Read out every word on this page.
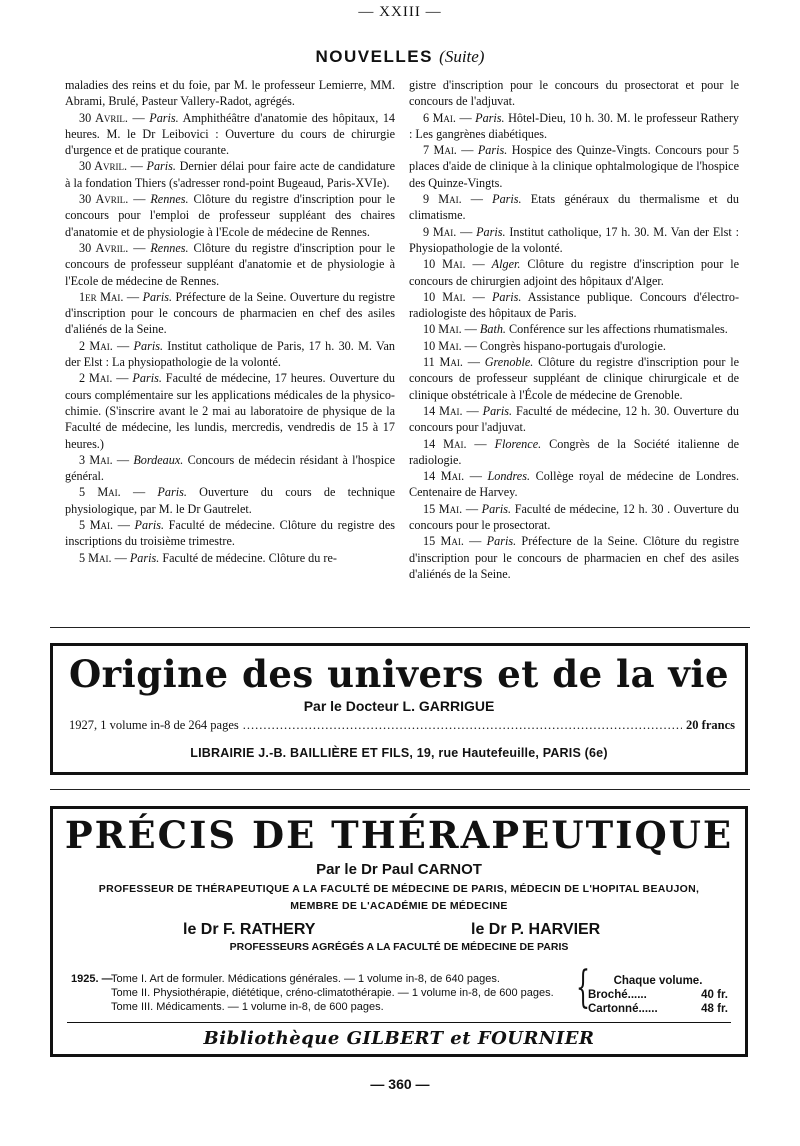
— XXIII —
NOUVELLES (Suite)

maladies des reins et du foie, par M. le professeur Lemierre, MM. Abrami, Brulé, Pasteur Vallery-Radot, agrégés.

30 Avril. — Paris. Amphithéâtre d'anatomie des hôpitaux, 14 heures. M. le Dr Leibovici : Ouverture du cours de chirurgie d'urgence et de pratique courante.

30 Avril. — Paris. Dernier délai pour faire acte de candidature à la fondation Thiers (s'adresser rond-point Bugeaud, Paris-XVIe).

30 Avril. — Rennes. Clôture du registre d'inscription pour le concours pour l'emploi de professeur suppléant des chaires d'anatomie et de physiologie à l'Ecole de médecine de Rennes.

30 Avril. — Rennes. Clôture du registre d'inscription pour le concours de professeur suppléant d'anatomie et de physiologie à l'Ecole de médecine de Rennes.

1er Mai. — Paris. Préfecture de la Seine. Ouverture du registre d'inscription pour le concours de pharmacien en chef des asiles d'aliénés de la Seine.

2 Mai. — Paris. Institut catholique de Paris, 17 h. 30. M. Van der Elst : La physiopathologie de la volonté.

2 Mai. — Paris. Faculté de médecine, 17 heures. Ouverture du cours complémentaire sur les applications médicales de la physico-chimie. (S'inscrire avant le 2 mai au laboratoire de physique de la Faculté de médecine, les lundis, mercredis, vendredis de 15 à 17 heures.)

3 Mai. — Bordeaux. Concours de médecin résidant à l'hospice général.

5 Mai. — Paris. Ouverture du cours de technique physiologique, par M. le Dr Gautrelet.

5 Mai. — Paris. Faculté de médecine. Clôture du registre des inscriptions du troisième trimestre.

5 Mai. — Paris. Faculté de médecine. Clôture du re-

gistre d'inscription pour le concours du prosectorat et pour le concours de l'adjuvat.

6 Mai. — Paris. Hôtel-Dieu, 10 h. 30. M. le professeur Rathery : Les gangrènes diabétiques.

7 Mai. — Paris. Hospice des Quinze-Vingts. Concours pour 5 places d'aide de clinique à la clinique ophtalmologique de l'hospice des Quinze-Vingts.

9 Mai. — Paris. Etats généraux du thermalisme et du climatisme.

9 Mai. — Paris. Institut catholique, 17 h. 30. M. Van der Elst : Physiopathologie de la volonté.

10 Mai. — Alger. Clôture du registre d'inscription pour le concours de chirurgien adjoint des hôpitaux d'Alger.

10 Mai. — Paris. Assistance publique. Concours d'électro-radiologiste des hôpitaux de Paris.

10 Mai. — Bath. Conférence sur les affections rhumatismales.

10 Mai. — Congrès hispano-portugais d'urologie.

11 Mai. — Grenoble. Clôture du registre d'inscription pour le concours de professeur suppléant de clinique chirurgicale et de clinique obstétricale à l'École de médecine de Grenoble.

14 Mai. — Paris. Faculté de médecine, 12 h. 30. Ouverture du concours pour l'adjuvat.

14 Mai. — Florence. Congrès de la Société italienne de radiologie.

14 Mai. — Londres. Collège royal de médecine de Londres. Centenaire de Harvey.

15 Mai. — Paris. Faculté de médecine, 12 h. 30 . Ouverture du concours pour le prosectorat.

15 Mai. — Paris. Préfecture de la Seine. Clôture du registre d'inscription pour le concours de pharmacien en chef des asiles d'aliénés de la Seine.

Origine des univers et de la vie
Par le Docteur L. GARRIGUE
1927, 1 volume in-8 de 264 pages
.....	20 francs
LIBRAIRIE J.-B. BAILLIÈRE ET FILS, 19, rue Hautefeuille, PARIS (6e)
PRÉCIS DE THÉRAPEUTIQUE
Par le Dr Paul CARNOT
PROFESSEUR DE THÉRAPEUTIQUE A LA FACULTÉ DE MÉDECINE DE PARIS, MÉDECIN DE L'HOPITAL BEAUJON, MEMBRE DE L'ACADÉMIE DE MÉDECINE
le Dr F. RATHERY	le Dr P. HARVIER
PROFESSEURS AGRÉGÉS A LA FACULTÉ DE MÉDECINE DE PARIS
1925. —Tome I. Art de formuler. Médications générales. — 1 volume in-8, de 640 pages.
Tome II. Physiothérapie, diététique, créno-climatothérapie. — 1 volume in-8, de 600 pages.
Tome III. Médicaments. — 1 volume in-8, de 600 pages.	{	Chaque volume.
Broché......	40 fr.
Cartonné......	48 fr.
Bibliothèque GILBERT et FOURNIER
— 360 —
